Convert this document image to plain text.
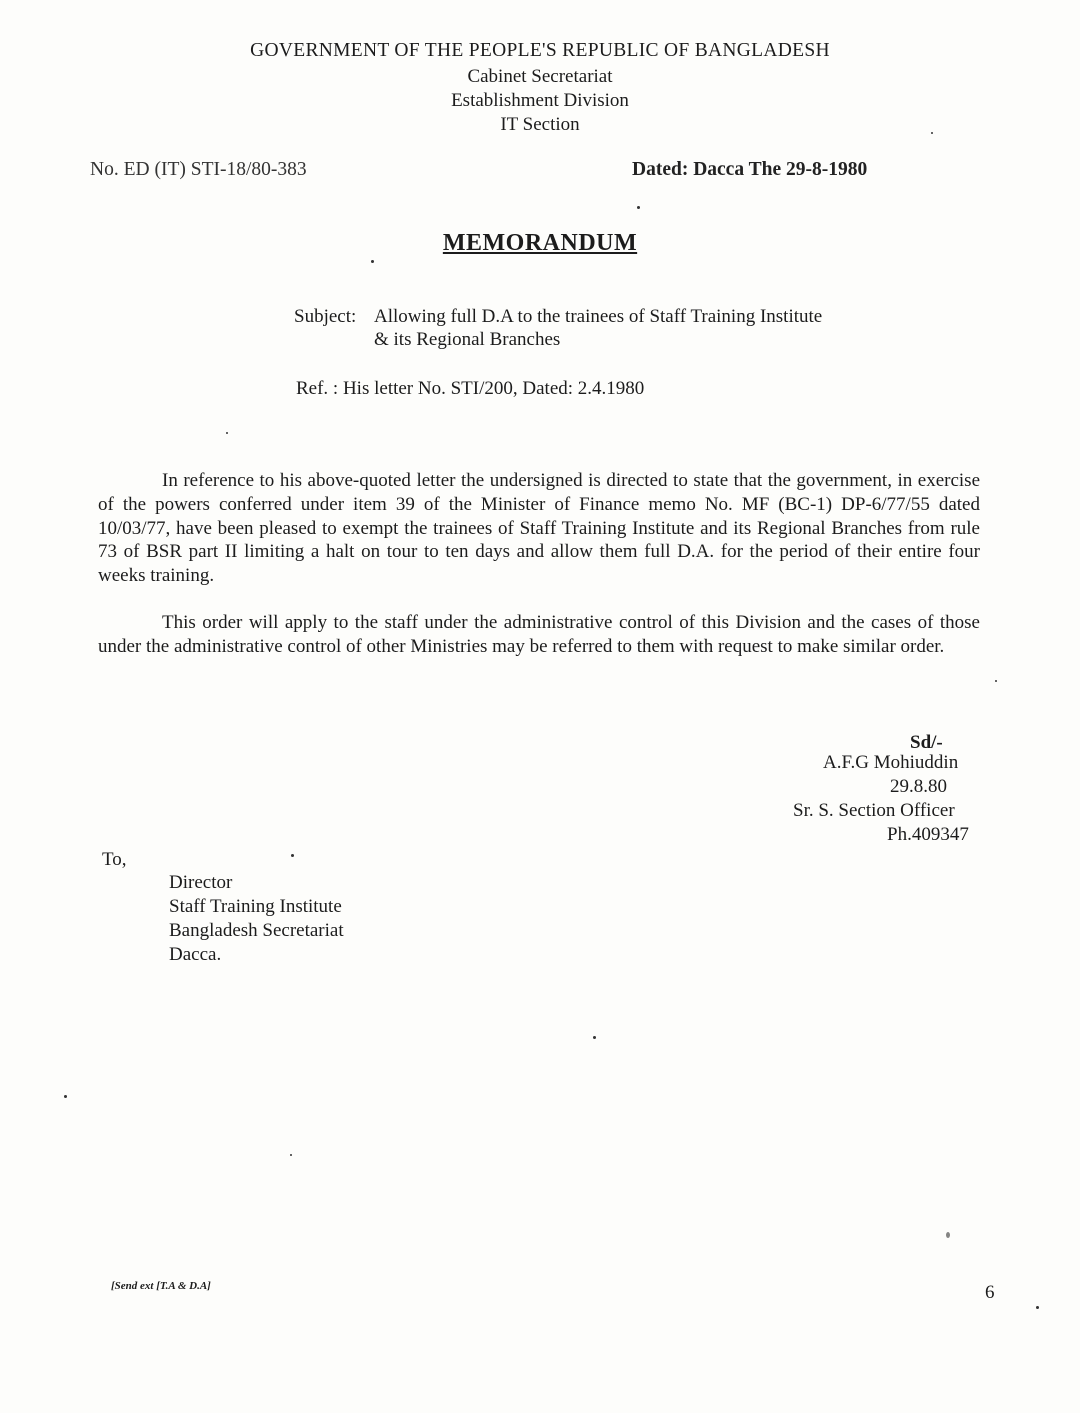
GOVERNMENT OF THE PEOPLE'S REPUBLIC OF BANGLADESH
Cabinet Secretariat
Establishment Division
IT Section
No. ED (IT) STI-18/80-383	Dated: Dacca The 29-8-1980
MEMORANDUM
Subject: Allowing full D.A to the trainees of Staff Training Institute
& its Regional Branches
Ref. : His letter No. STI/200, Dated: 2.4.1980
In reference to his above-quoted letter the undersigned is directed to state that the government, in exercise of the powers conferred under item 39 of the Minister of Finance memo No. MF (BC-1) DP-6/77/55 dated 10/03/77, have been pleased to exempt the trainees of Staff Training Institute and its Regional Branches from rule 73 of BSR part II limiting a halt on tour to ten days and allow them full D.A. for the period of their entire four weeks training.
This order will apply to the staff under the administrative control of this Division and the cases of those under the administrative control of other Ministries may be referred to them with request to make similar order.
Sd/-
A.F.G Mohiuddin
29.8.80
Sr. S. Section Officer
Ph.409347
To,
Director
Staff Training Institute
Bangladesh Secretariat
Dacca.
[Send ext [T.A & D.A]	6
